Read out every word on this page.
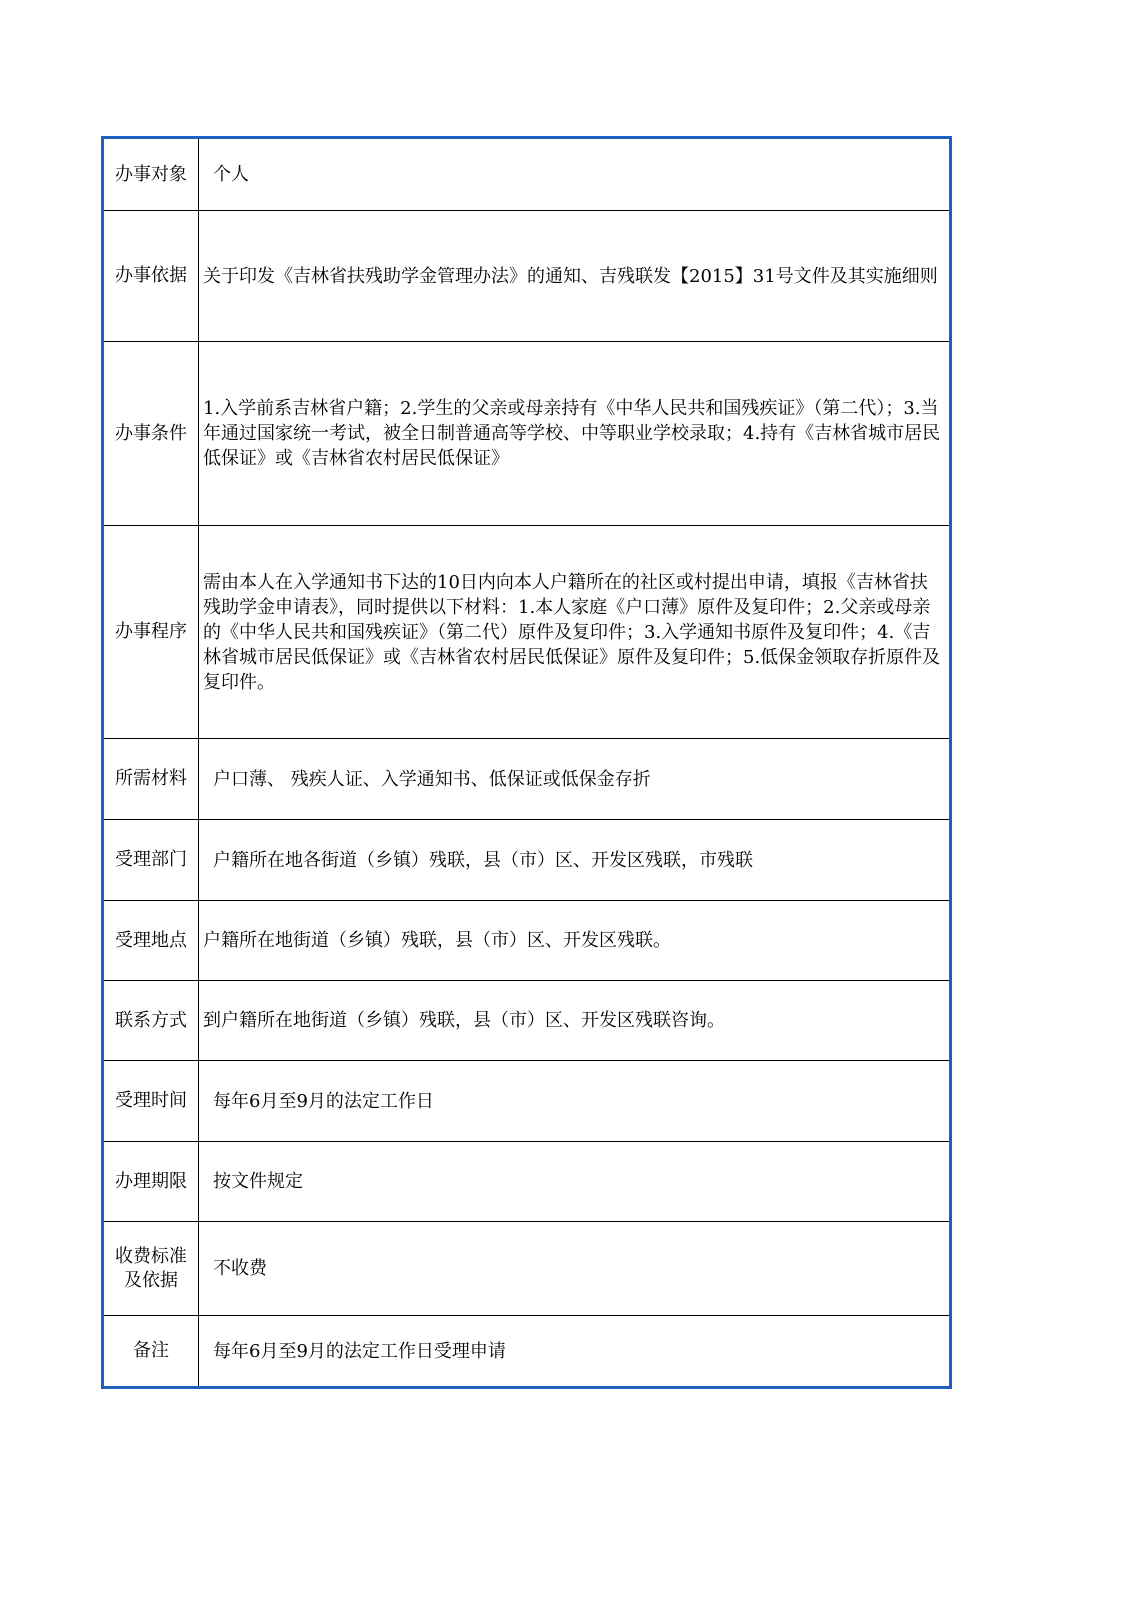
办事对象	个人
办事依据	关于印发《吉林省扶残助学金管理办法》的通知、吉残联发【2015】31号文件及其实施细则
办事条件	1.入学前系吉林省户籍；2.学生的父亲或母亲持有《中华人民共和国残疾证》（第二代）；3.当年通过国家统一考试，被全日制普通高等学校、中等职业学校录取；4.持有《吉林省城市居民低保证》或《吉林省农村居民低保证》
办事程序	需由本人在入学通知书下达的10日内向本人户籍所在的社区或村提出申请，填报《吉林省扶残助学金申请表》，同时提供以下材料：1.本人家庭《户口薄》原件及复印件；2.父亲或母亲的《中华人民共和国残疾证》（第二代）原件及复印件；3.入学通知书原件及复印件；4.《吉林省城市居民低保证》或《吉林省农村居民低保证》原件及复印件；5.低保金领取存折原件及复印件。
所需材料	户口薄、 残疾人证、入学通知书、低保证或低保金存折
受理部门	户籍所在地各街道（乡镇）残联，县（市）区、开发区残联，市残联
受理地点	户籍所在地街道（乡镇）残联，县（市）区、开发区残联。
联系方式	到户籍所在地街道（乡镇）残联，县（市）区、开发区残联咨询。
受理时间	每年6月至9月的法定工作日
办理期限	按文件规定
收费标准及依据	不收费
备注	每年6月至9月的法定工作日受理申请
